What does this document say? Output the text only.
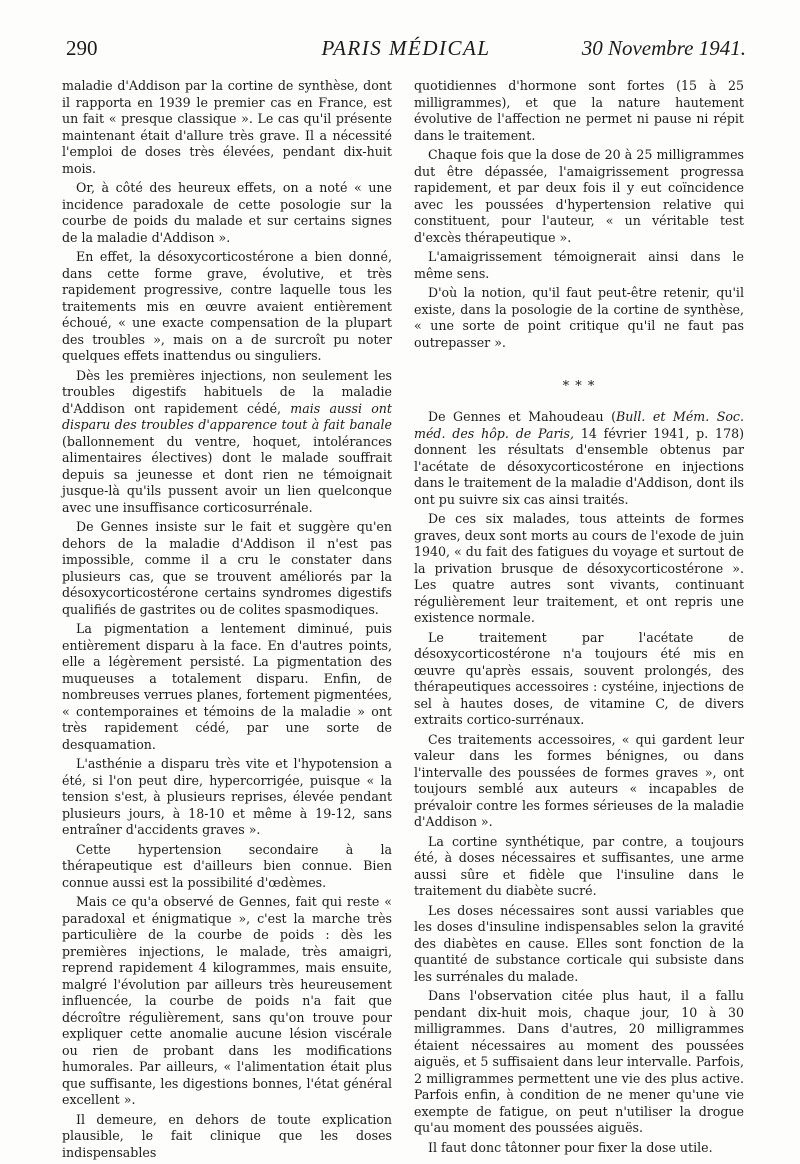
290	PARIS MÉDICAL	30 Novembre 1941.

maladie d'Addison par la cortine de synthèse, dont il rapporta en 1939 le premier cas en France, est un fait « presque classique ». Le cas qu'il présente maintenant était d'allure très grave. Il a nécessité l'emploi de doses très élevées, pendant dix-huit mois.

Or, à côté des heureux effets, on a noté « une incidence paradoxale de cette posologie sur la courbe de poids du malade et sur certains signes de la maladie d'Addison ».

En effet, la désoxycorticostérone a bien donné, dans cette forme grave, évolutive, et très rapidement progressive, contre laquelle tous les traitements mis en œuvre avaient entièrement échoué, « une exacte compensation de la plupart des troubles », mais on a de surcroît pu noter quelques effets inattendus ou singuliers.

Dès les premières injections, non seulement les troubles digestifs habituels de la maladie d'Addison ont rapidement cédé, mais aussi ont disparu des troubles d'apparence tout à fait banale (ballonnement du ventre, hoquet, intolérances alimentaires électives) dont le malade souffrait depuis sa jeunesse et dont rien ne témoignait jusque-là qu'ils pussent avoir un lien quelconque avec une insuffisance corticosurrénale.

De Gennes insiste sur le fait et suggère qu'en dehors de la maladie d'Addison il n'est pas impossible, comme il a cru le constater dans plusieurs cas, que se trouvent améliorés par la désoxycorticostérone certains syndromes digestifs qualifiés de gastrites ou de colites spasmodiques.

La pigmentation a lentement diminué, puis entièrement disparu à la face. En d'autres points, elle a légèrement persisté. La pigmentation des muqueuses a totalement disparu. Enfin, de nombreuses verrues planes, fortement pigmentées, « contemporaines et témoins de la maladie » ont très rapidement cédé, par une sorte de desquamation.

L'asthénie a disparu très vite et l'hypotension a été, si l'on peut dire, hypercorrigée, puisque « la tension s'est, à plusieurs reprises, élevée pendant plusieurs jours, à 18-10 et même à 19-12, sans entraîner d'accidents graves ».

Cette hypertension secondaire à la thérapeutique est d'ailleurs bien connue. Bien connue aussi est la possibilité d'œdèmes.

Mais ce qu'a observé de Gennes, fait qui reste « paradoxal et énigmatique », c'est la marche très particulière de la courbe de poids : dès les premières injections, le malade, très amaigri, reprend rapidement 4 kilogrammes, mais ensuite, malgré l'évolution par ailleurs très heureusement influencée, la courbe de poids n'a fait que décroître régulièrement, sans qu'on trouve pour expliquer cette anomalie aucune lésion viscérale ou rien de probant dans les modifications humorales. Par ailleurs, « l'alimentation était plus que suffisante, les digestions bonnes, l'état général excellent ».

Il demeure, en dehors de toute explication plausible, le fait clinique que les doses indispensables

quotidiennes d'hormone sont fortes (15 à 25 milligrammes), et que la nature hautement évolutive de l'affection ne permet ni pause ni répit dans le traitement.

Chaque fois que la dose de 20 à 25 milligrammes dut être dépassée, l'amaigrissement progressa rapidement, et par deux fois il y eut coïncidence avec les poussées d'hypertension relative qui constituent, pour l'auteur, « un véritable test d'excès thérapeutique ».

L'amaigrissement témoignerait ainsi dans le même sens.

D'où la notion, qu'il faut peut-être retenir, qu'il existe, dans la posologie de la cortine de synthèse, « une sorte de point critique qu'il ne faut pas outrepasser ».

* * *

De Gennes et Mahoudeau (Bull. et Mém. Soc. méd. des hôp. de Paris, 14 février 1941, p. 178) donnent les résultats d'ensemble obtenus par l'acétate de désoxycorticostérone en injections dans le traitement de la maladie d'Addison, dont ils ont pu suivre six cas ainsi traités.

De ces six malades, tous atteints de formes graves, deux sont morts au cours de l'exode de juin 1940, « du fait des fatigues du voyage et surtout de la privation brusque de désoxycorticostérone ». Les quatre autres sont vivants, continuant régulièrement leur traitement, et ont repris une existence normale.

Le traitement par l'acétate de désoxycorticostérone n'a toujours été mis en œuvre qu'après essais, souvent prolongés, des thérapeutiques accessoires : cystéine, injections de sel à hautes doses, de vitamine C, de divers extraits cortico-surrénaux.

Ces traitements accessoires, « qui gardent leur valeur dans les formes bénignes, ou dans l'intervalle des poussées de formes graves », ont toujours semblé aux auteurs « incapables de prévaloir contre les formes sérieuses de la maladie d'Addison ».

La cortine synthétique, par contre, a toujours été, à doses nécessaires et suffisantes, une arme aussi sûre et fidèle que l'insuline dans le traitement du diabète sucré.

Les doses nécessaires sont aussi variables que les doses d'insuline indispensables selon la gravité des diabètes en cause. Elles sont fonction de la quantité de substance corticale qui subsiste dans les surrénales du malade.

Dans l'observation citée plus haut, il a fallu pendant dix-huit mois, chaque jour, 10 à 30 milligrammes. Dans d'autres, 20 milligrammes étaient nécessaires au moment des poussées aiguës, et 5 suffisaient dans leur intervalle. Parfois, 2 milligrammes permettent une vie des plus active. Parfois enfin, à condition de ne mener qu'une vie exempte de fatigue, on peut n'utiliser la drogue qu'au moment des poussées aiguës.

Il faut donc tâtonner pour fixer la dose utile.
